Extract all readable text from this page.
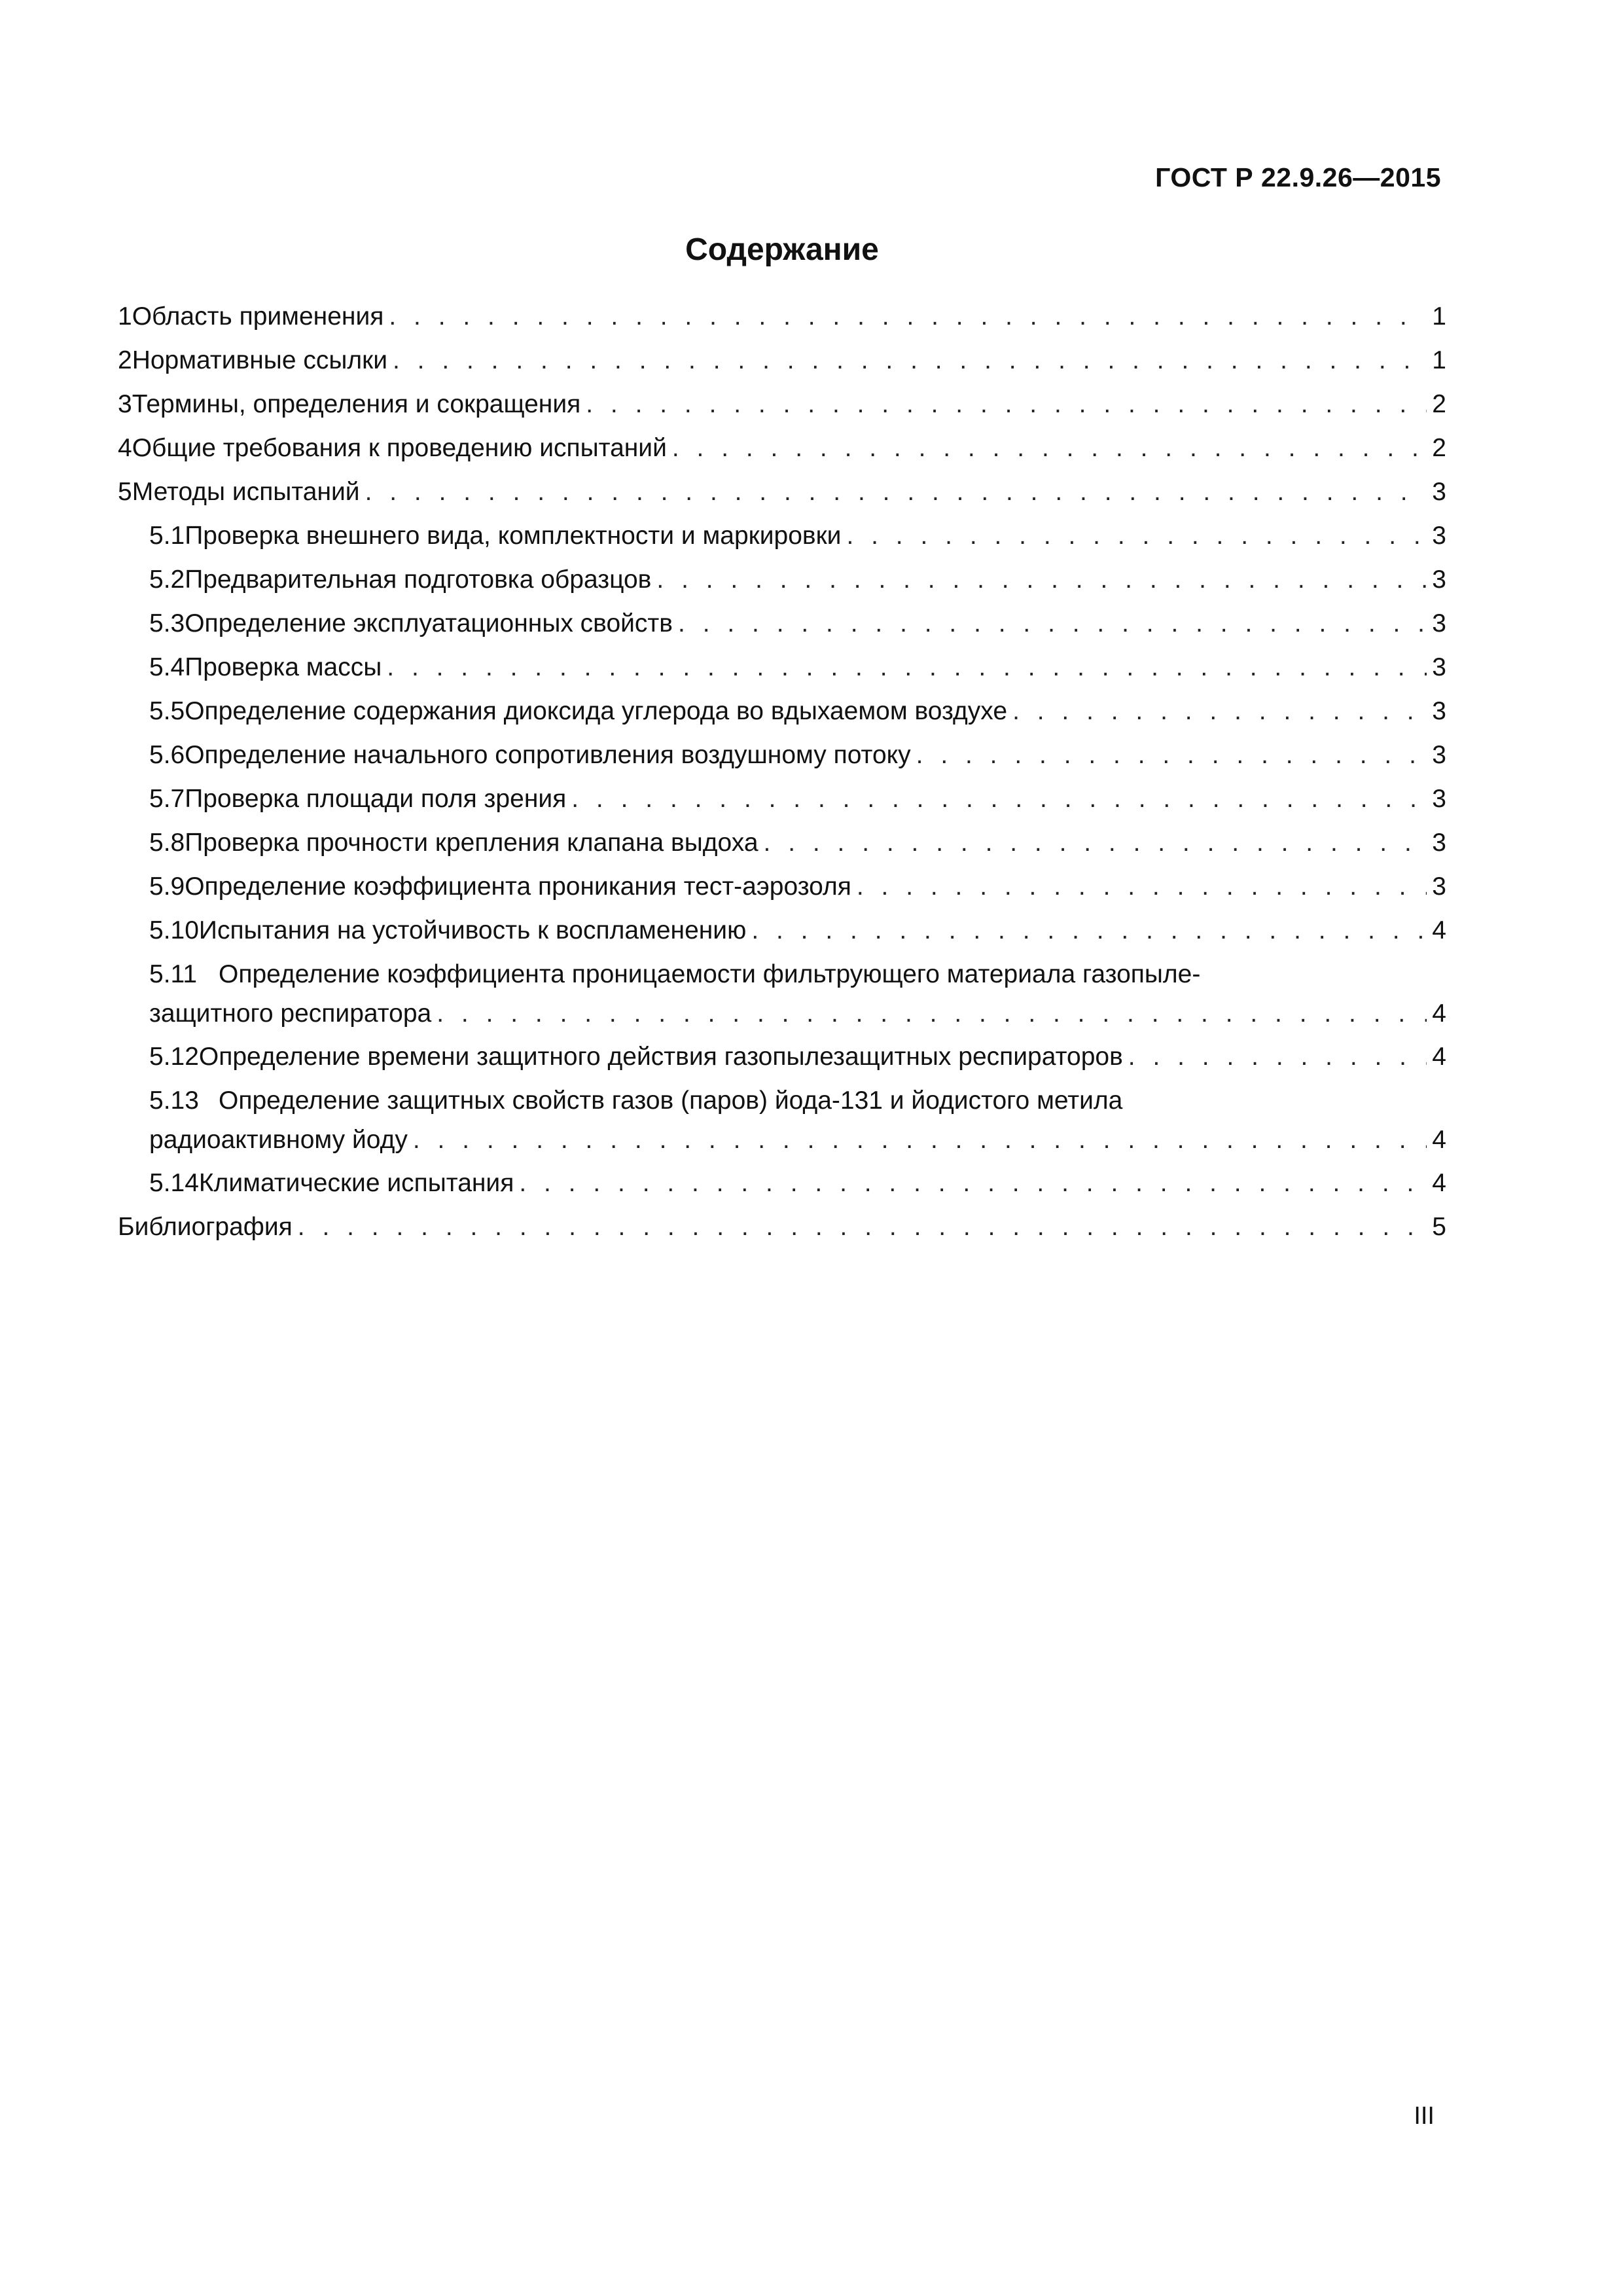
ГОСТ Р 22.9.26—2015
Содержание
1 Область применения . . .	1
2 Нормативные ссылки . . .	1
3 Термины, определения и сокращения . . .	2
4 Общие требования к проведению испытаний . . .	2
5 Методы испытаний . . .	3
5.1 Проверка внешнего вида, комплектности и маркировки . . .	3
5.2 Предварительная подготовка образцов . . .	3
5.3 Определение эксплуатационных свойств . . .	3
5.4 Проверка массы . . .	3
5.5 Определение содержания диоксида углерода во вдыхаемом воздухе . . .	3
5.6 Определение начального сопротивления воздушному потоку . . .	3
5.7 Проверка площади поля зрения . . .	3
5.8 Проверка прочности крепления клапана выдоха . . .	3
5.9 Определение коэффициента проникания тест-аэрозоля . . .	3
5.10 Испытания на устойчивость к воспламенению . . .	4
5.11 Определение коэффициента проницаемости фильтрующего материала газопыле-
защитного респиратора . . .	4
5.12 Определение времени защитного действия газопылезащитных респираторов . . .	4
5.13 Определение защитных свойств газов (паров) йода-131 и йодистого метила
радиоактивному йоду . . .	4
5.14 Климатические испытания . . .	4
Библиография . . .	5
III
